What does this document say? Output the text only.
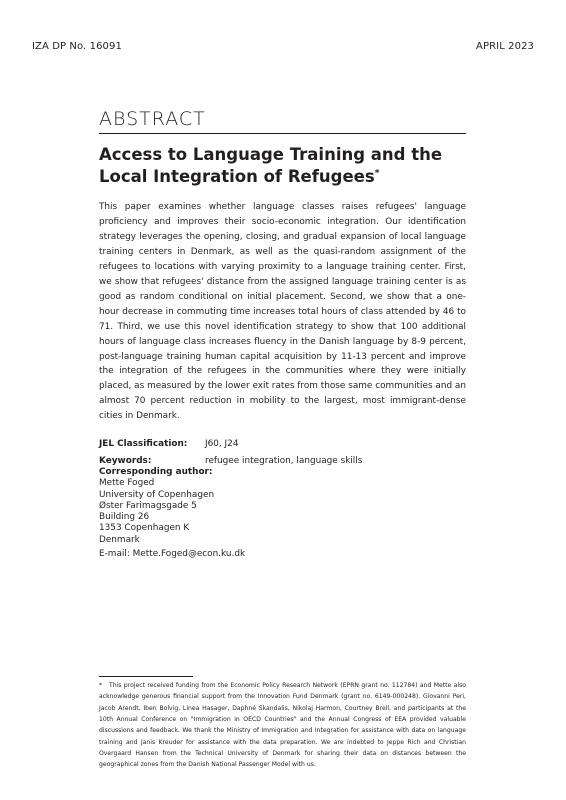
IZA DP No. 16091	APRIL 2023
ABSTRACT
Access to Language Training and the
Local Integration of Refugees*
This paper examines whether language classes raises refugees' language proficiency and improves their socio-economic integration. Our identification strategy leverages the opening, closing, and gradual expansion of local language training centers in Denmark, as well as the quasi-random assignment of the refugees to locations with varying proximity to a language training center. First, we show that refugees' distance from the assigned language training center is as good as random conditional on initial placement. Second, we show that a one-hour decrease in commuting time increases total hours of class attended by 46 to 71. Third, we use this novel identification strategy to show that 100 additional hours of language class increases fluency in the Danish language by 8-9 percent, post-language training human capital acquisition by 11-13 percent and improve the integration of the refugees in the communities where they were initially placed, as measured by the lower exit rates from those same communities and an almost 70 percent reduction in mobility to the largest, most immigrant-dense cities in Denmark.
JEL Classification: J60, J24
Keywords:	refugee integration, language skills
Corresponding author:
Mette Foged
University of Copenhagen
Øster Farimagsgade 5
Building 26
1353 Copenhagen K
Denmark
E-mail: Mette.Foged@econ.ku.dk
* This project received funding from the Economic Policy Research Network (EPRN grant no. 112784) and Mette also acknowledge generous financial support from the Innovation Fund Denmark (grant no. 6149-000248). Giovanni Peri, Jacob Arendt, Iben Bolvig, Linea Hasager, Daphné Skandalis, Nikolaj Harmon, Courtney Brell, and participants at the 10th Annual Conference on "Immigration in OECD Countries" and the Annual Congress of EEA provided valuable discussions and feedback. We thank the Ministry of Immigration and Integration for assistance with data on language training and Janis Kreuder for assistance with the data preparation. We are indebted to Jeppe Rich and Christian Overgaard Hansen from the Technical University of Denmark for sharing their data on distances between the geographical zones from the Danish National Passenger Model with us.
